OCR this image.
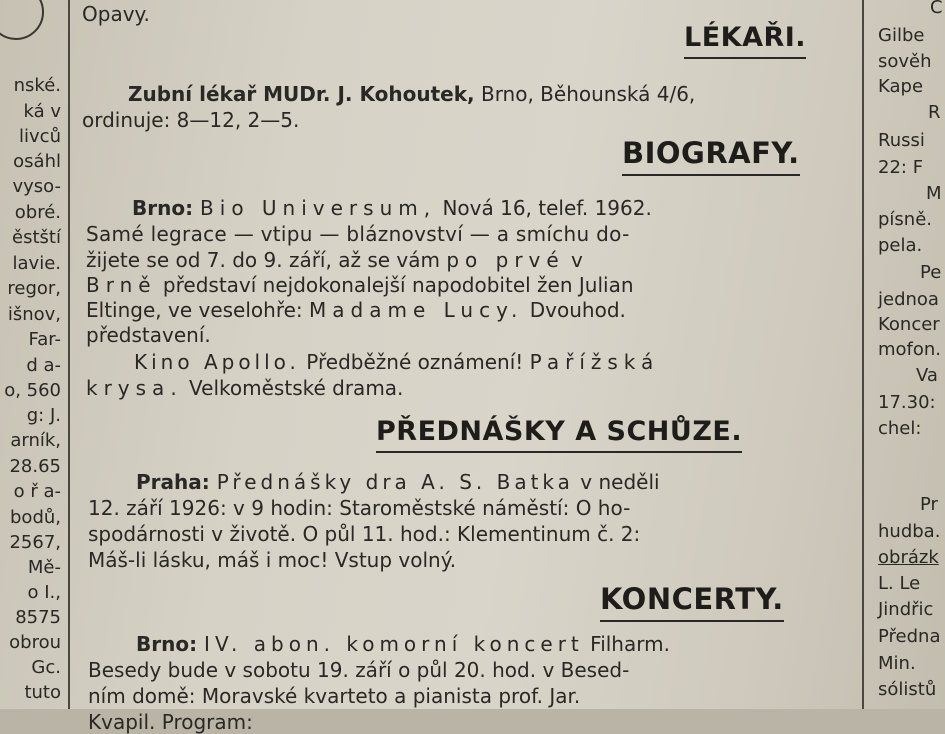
nské.
ká v
livců
osáhl
vyso-
obré.
ěstští
lavie.
regor,
išnov,
Far-
d a-
o, 560
g: J.
arník,
28.65
o ř a-
bodů,
2567,
Mě-
o I.,
8575
obrou
Gc.
tuto
Opavy.
LÉKAŘI.
Zubní lékař MUDr. J. Kohoutek, Brno, Běhounská 4/6,
ordinuje: 8—12, 2—5.
BIOGRAFY.
Brno: Bio Universum, Nová 16, telef. 1962.
Samé legrace — vtipu — bláznovství — a smíchu do-
žijete se od 7. do 9. září, až se vám po prvé v
Brně představí nejdokonalejší napodobitel žen Julian
Eltinge, ve veselohře: Madame Lucy. Dvouhod.
představení.
Kino Apollo. Předběžné oznámení! Pařížská
krysa. Velkoměstské drama.
PŘEDNÁŠKY A SCHŮZE.
Praha: Přednášky dra A. S. Batka v neděli
12. září 1926: v 9 hodin: Staroměstské náměstí: O ho-
spodárnosti v životě. O půl 11. hod.: Klementinum č. 2:
Máš-li lásku, máš i moc! Vstup volný.
KONCERTY.
Brno: IV. abon. komorní koncert Filharm.
Besedy bude v sobotu 19. září o půl 20. hod. v Besed-
ním domě: Moravské kvarteto a pianista prof. Jar.
Kvapil. Program:
C
Gilbe
sověh
Kape
R
Russi
22: F
M
písně.
pela.
Pe
jednoa
Koncer
mofon.
Va
17.30:
chel:
Pr
hudba.
obrázk
L. Le
Jindřic
Předna
Min.
sólistů
